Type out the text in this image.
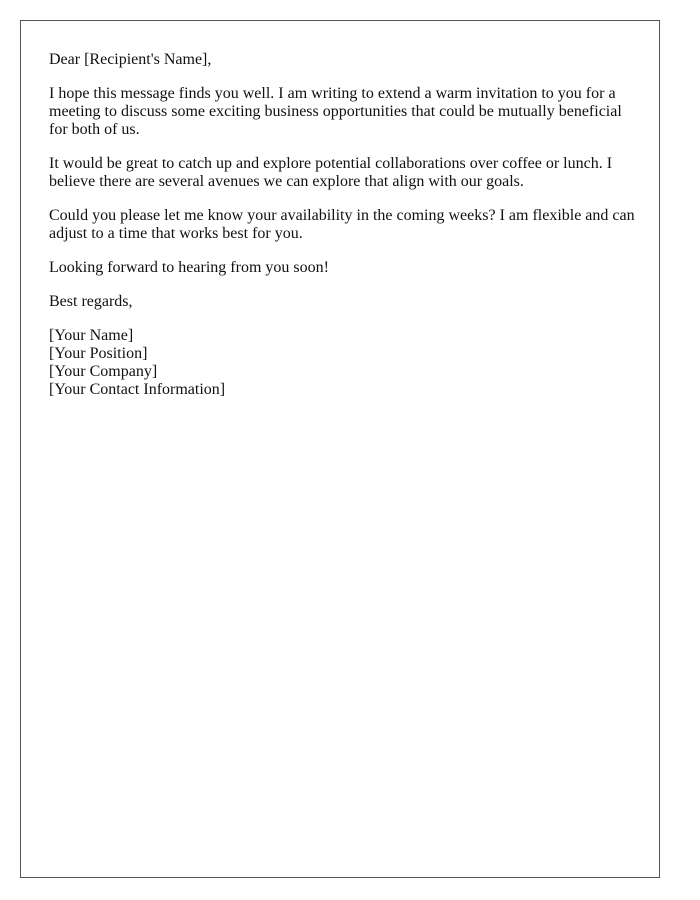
Dear [Recipient's Name],

I hope this message finds you well. I am writing to extend a warm invitation to you for a meeting to discuss some exciting business opportunities that could be mutually beneficial for both of us.

It would be great to catch up and explore potential collaborations over coffee or lunch. I believe there are several avenues we can explore that align with our goals.

Could you please let me know your availability in the coming weeks? I am flexible and can adjust to a time that works best for you.

Looking forward to hearing from you soon!

Best regards,

[Your Name]
[Your Position]
[Your Company]
[Your Contact Information]
